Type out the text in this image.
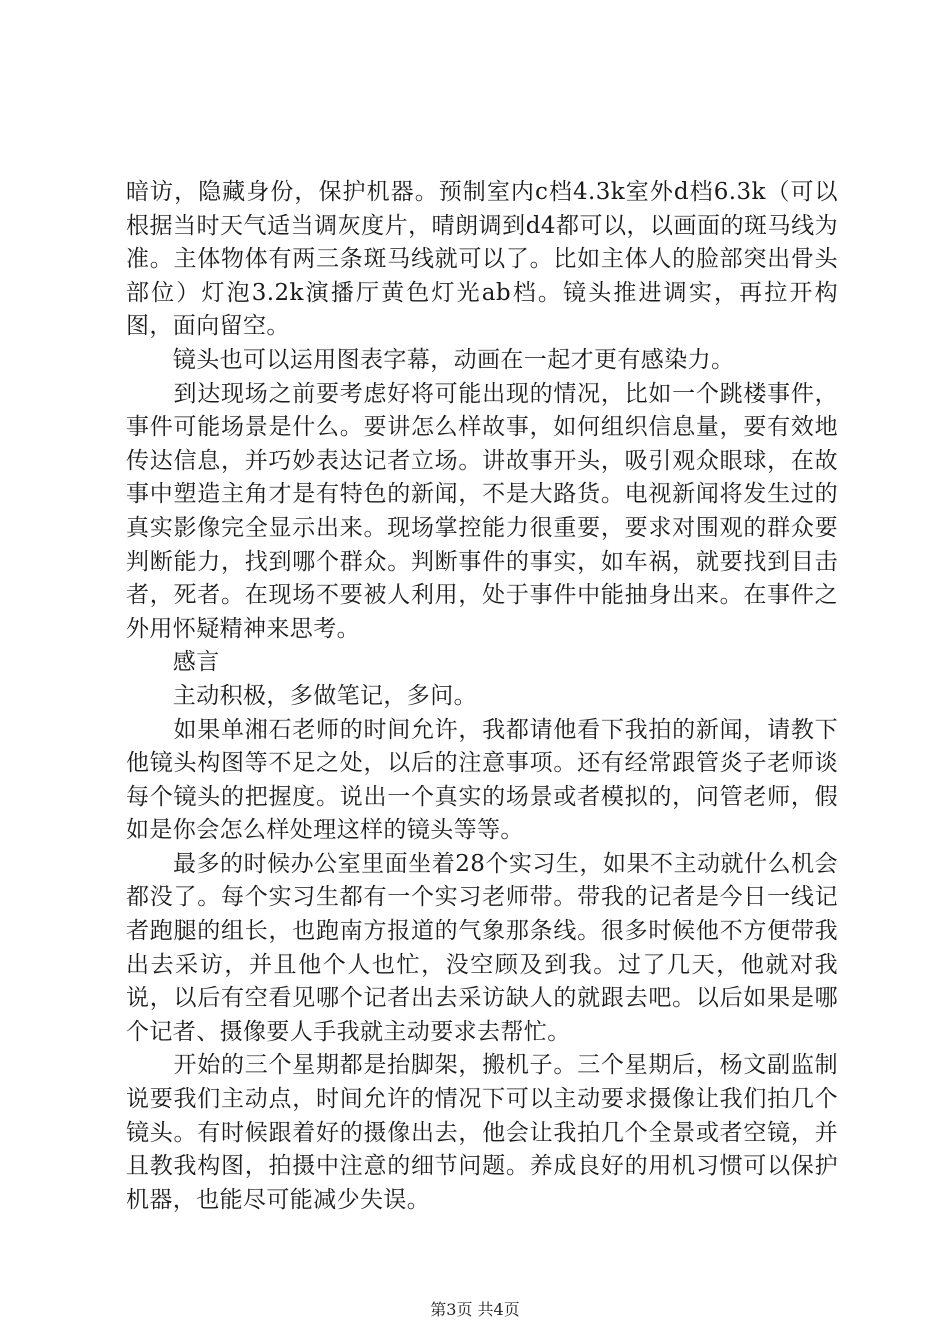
暗访，隐藏身份，保护机器。预制室内c档4.3k室外d档6.3k（可以根据当时天气适当调灰度片，晴朗调到d4都可以，以画面的斑马线为准。主体物体有两三条斑马线就可以了。比如主体人的脸部突出骨头部位）灯泡3.2k演播厅黄色灯光ab档。镜头推进调实，再拉开构图，面向留空。

　　镜头也可以运用图表字幕，动画在一起才更有感染力。

　　到达现场之前要考虑好将可能出现的情况，比如一个跳楼事件，事件可能场景是什么。要讲怎么样故事，如何组织信息量，要有效地传达信息，并巧妙表达记者立场。讲故事开头，吸引观众眼球，在故事中塑造主角才是有特色的新闻，不是大路货。电视新闻将发生过的真实影像完全显示出来。现场掌控能力很重要，要求对围观的群众要判断能力，找到哪个群众。判断事件的事实，如车祸，就要找到目击者，死者。在现场不要被人利用，处于事件中能抽身出来。在事件之外用怀疑精神来思考。

　　感言

　　主动积极，多做笔记，多问。

　　如果单湘石老师的时间允许，我都请他看下我拍的新闻，请教下他镜头构图等不足之处，以后的注意事项。还有经常跟管炎子老师谈每个镜头的把握度。说出一个真实的场景或者模拟的，问管老师，假如是你会怎么样处理这样的镜头等等。

　　最多的时候办公室里面坐着28个实习生，如果不主动就什么机会都没了。每个实习生都有一个实习老师带。带我的记者是今日一线记者跑腿的组长，也跑南方报道的气象那条线。很多时候他不方便带我出去采访，并且他个人也忙，没空顾及到我。过了几天，他就对我说，以后有空看见哪个记者出去采访缺人的就跟去吧。以后如果是哪个记者、摄像要人手我就主动要求去帮忙。

　　开始的三个星期都是抬脚架，搬机子。三个星期后，杨文副监制说要我们主动点，时间允许的情况下可以主动要求摄像让我们拍几个镜头。有时候跟着好的摄像出去，他会让我拍几个全景或者空镜，并且教我构图，拍摄中注意的细节问题。养成良好的用机习惯可以保护机器，也能尽可能减少失误。

第3页 共4页
